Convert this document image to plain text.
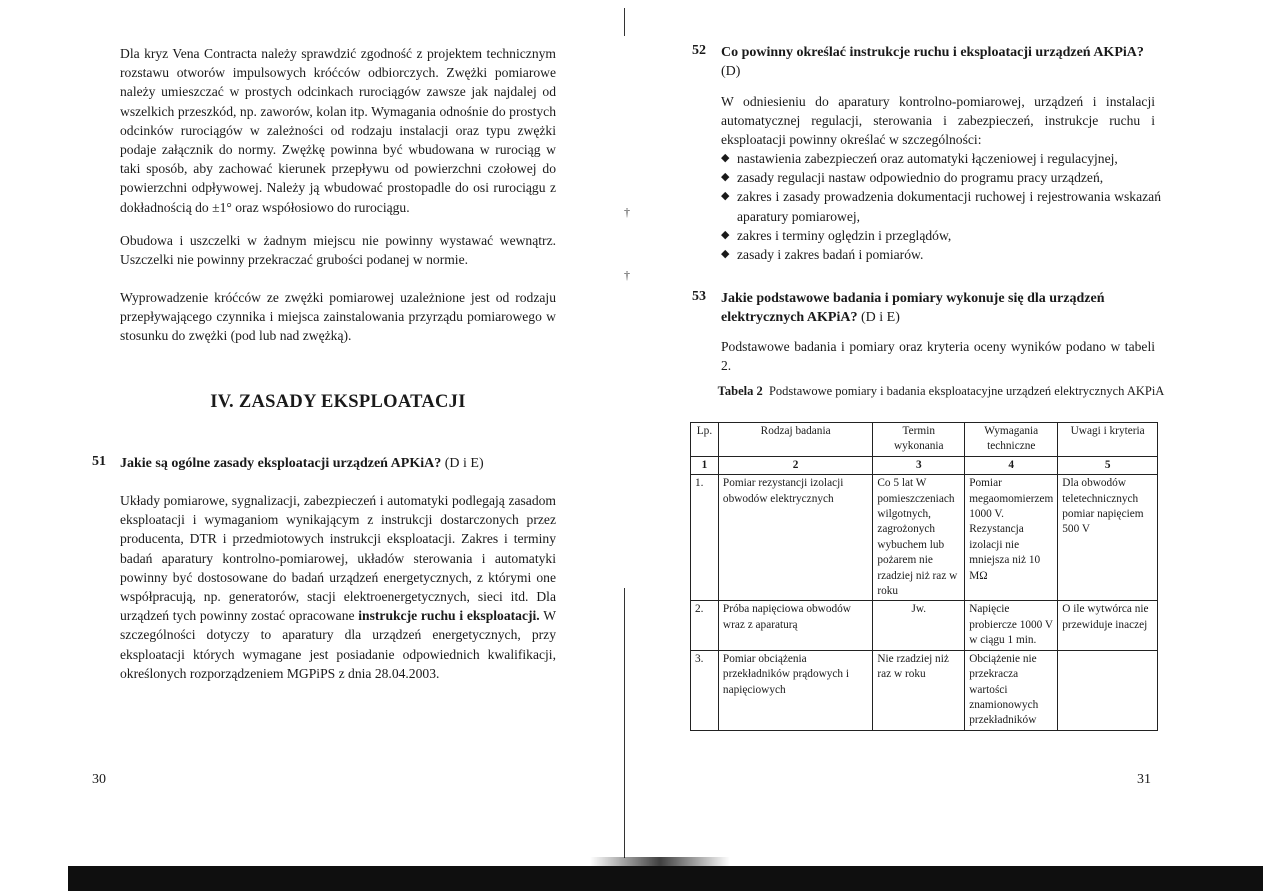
Dla kryz Vena Contracta należy sprawdzić zgodność z projektem technicznym rozstawu otworów impulsowych króćców odbiorczych. Zwężki pomiarowe należy umieszczać w prostych odcinkach rurociągów zawsze jak najdalej od wszelkich przeszkód, np. zaworów, kolan itp. Wymagania odnośnie do prostych odcinków rurociągów w zależności od rodzaju instalacji oraz typu zwężki podaje załącznik do normy. Zwężkę powinna być wbudowana w rurociąg w taki sposób, aby zachować kierunek przepływu od powierzchni czołowej do powierzchni odpływowej. Należy ją wbudować prostopadle do osi rurociągu z dokładnością do ±1° oraz współosiowo do rurociągu.

Obudowa i uszczelki w żadnym miejscu nie powinny wystawać wewnątrz. Uszczelki nie powinny przekraczać grubości podanej w normie.

Wyprowadzenie króćców ze zwężki pomiarowej uzależnione jest od rodzaju przepływającego czynnika i miejsca zainstalowania przyrządu pomiarowego w stosunku do zwężki (pod lub nad zwężką).

IV. ZASADY EKSPLOATACJI
51 Jakie są ogólne zasady eksploatacji urządzeń APKiA? (D i E)

Układy pomiarowe, sygnalizacji, zabezpieczeń i automatyki podlegają zasadom eksploatacji i wymaganiom wynikającym z instrukcji dostarczonych przez producenta, DTR i przedmiotowych instrukcji eksploatacji. Zakres i terminy badań aparatury kontrolno-pomiarowej, układów sterowania i automatyki powinny być dostosowane do badań urządzeń energetycznych, z którymi one współpracują, np. generatorów, stacji elektroenergetycznych, sieci itd. Dla urządzeń tych powinny zostać opracowane instrukcje ruchu i eksploatacji. W szczególności dotyczy to aparatury dla urządzeń energetycznych, przy eksploatacji których wymagane jest posiadanie odpowiednich kwalifikacji, określonych rozporządzeniem MGPiPS z dnia 28.04.2003.

30
52 Co powinny określać instrukcje ruchu i eksploatacji urządzeń AKPiA? (D)

W odniesieniu do aparatury kontrolno-pomiarowej, urządzeń i instalacji automatycznej regulacji, sterowania i zabezpieczeń, instrukcje ruchu i eksploatacji powinny określać w szczególności:

◆ nastawienia zabezpieczeń oraz automatyki łączeniowej i regulacyjnej,
◆ zasady regulacji nastaw odpowiednio do programu pracy urządzeń,
◆ zakres i zasady prowadzenia dokumentacji ruchowej i rejestrowania wskazań aparatury pomiarowej,
◆ zakres i terminy oględzin i przeglądów,
◆ zasady i zakres badań i pomiarów.
53 Jakie podstawowe badania i pomiary wykonuje się dla urządzeń elektrycznych AKPiA? (D i E)

Podstawowe badania i pomiary oraz kryteria oceny wyników podano w tabeli 2.

Tabela 2 Podstawowe pomiary i badania eksploatacyjne urządzeń elektrycznych AKPiA
Lp.	Rodzaj badania	Termin wykonania	Wymagania techniczne	Uwagi i kryteria
1	2	3	4	5
1.	Pomiar rezystancji izolacji obwodów elektrycznych	Co 5 lat W pomieszczeniach wilgotnych, zagrożonych wybuchem lub pożarem nie rzadziej niż raz w roku	Pomiar megaomomierzem 1000 V. Rezystancja izolacji nie mniejsza niż 10 MΩ	Dla obwodów teletechnicznych pomiar napięciem 500 V
2.	Próba napięciowa obwodów wraz z aparaturą	Jw.	Napięcie probiercze 1000 V w ciągu 1 min.	O ile wytwórca nie przewiduje inaczej
3.	Pomiar obciążenia przekładników prądowych i napięciowych	Nie rzadziej niż raz w roku	Obciążenie nie przekracza wartości znamionowych przekładników	
31
†
†
